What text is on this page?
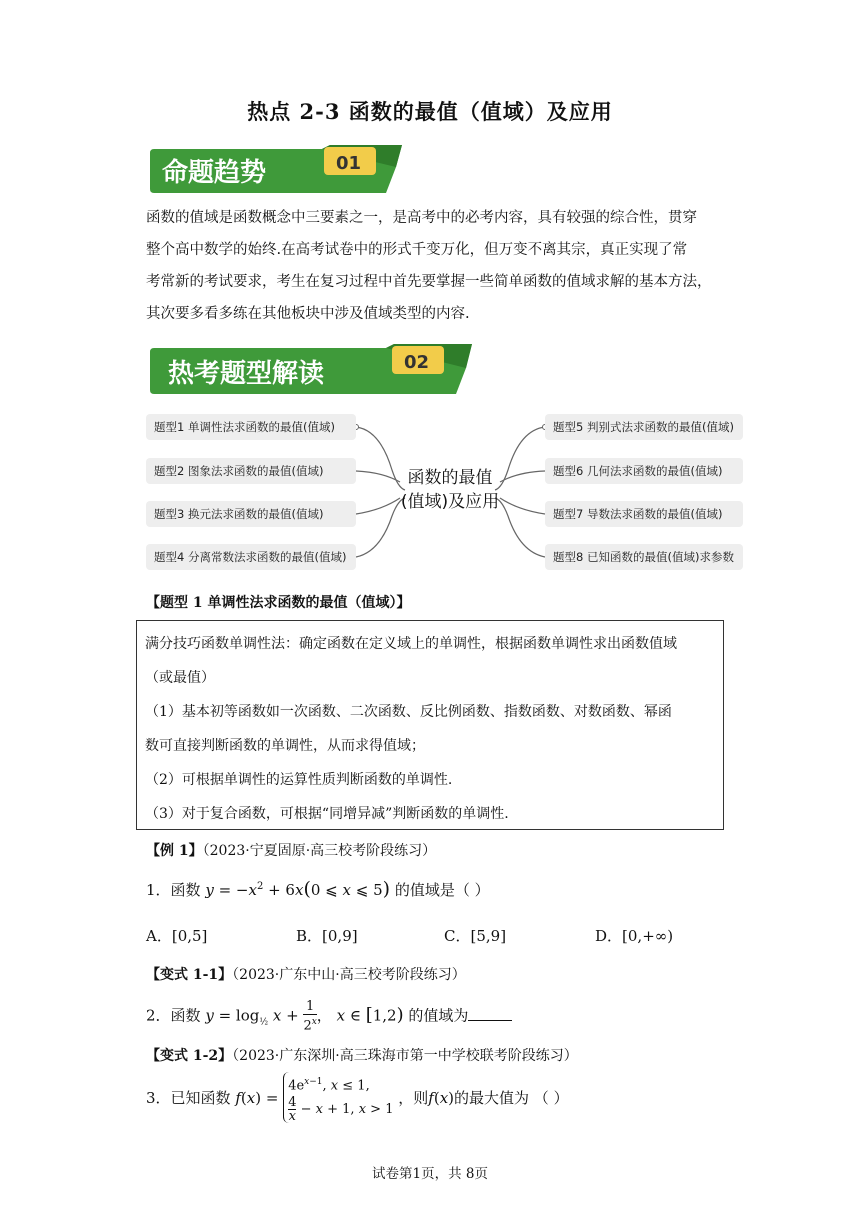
热点 2-3 函数的最值（值域）及应用
命题趋势	01
函数的值域是函数概念中三要素之一，是高考中的必考内容，具有较强的综合性，贯穿
整个高中数学的始终.在高考试卷中的形式千变万化，但万变不离其宗，真正实现了常
考常新的考试要求，考生在复习过程中首先要掌握一些简单函数的值域求解的基本方法，
其次要多看多练在其他板块中涉及值域类型的内容.
热考题型解读	02
题型1 单调性法求函数的最值(值域)
题型2 图象法求函数的最值(值域)
题型3 换元法求函数的最值(值域)
题型4 分离常数法求函数的最值(值域)
题型5 判别式法求函数的最值(值域)
题型6 几何法求函数的最值(值域)
题型7 导数法求函数的最值(值域)
题型8 已知函数的最值(值域)求参数
函数的最值
(值域)及应用
【题型 1 单调性法求函数的最值（值域）】

满分技巧函数单调性法：确定函数在定义域上的单调性，根据函数单调性求出函数值域

（或最值）

（1）基本初等函数如一次函数、二次函数、反比例函数、指数函数、对数函数、幂函

数可直接判断函数的单调性，从而求得值域；

（2）可根据单调性的运算性质判断函数的单调性.

（3）对于复合函数，可根据“同增异减”判断函数的单调性.

【例 1】（2023·宁夏固原·高三校考阶段练习）
1．函数 $y = -x^2 + 6x(0$ ⩽ x ⩽ 5) 的值域是（ ）
A．[0,5]	B．[0,9]	C．[5,9]	D．[0,+∞)
【变式 1-1】（2023·广东中山·高三校考阶段练习）
2．函数 $y = \log_{\frac{1}{2}} x + \frac{1}{2^x}$ ， x ∈ [1,2) 的值域为
【变式 1-2】（2023·广东深圳·高三珠海市第一中学校联考阶段练习）
3．已知函数 f(x) =
$4e^{x-1}$, x ≤ 1,
$\frac{4}{x} - x + 1$, x > 1
，则f(x)的最大值为 （ ）
试卷第1页，共 8页
